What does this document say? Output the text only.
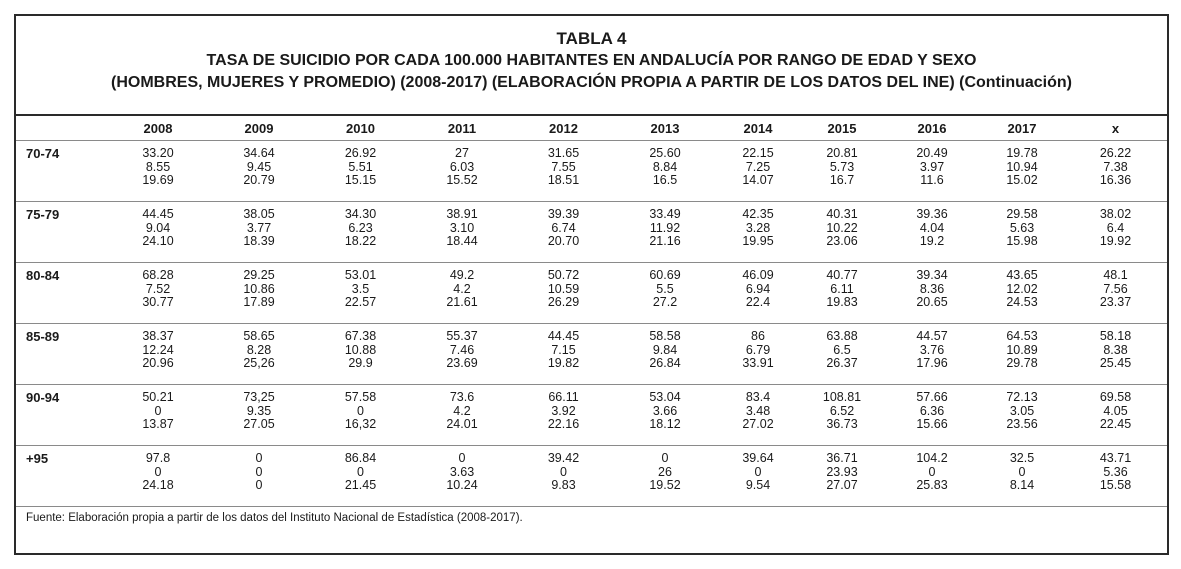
TABLA 4
TASA DE SUICIDIO POR CADA 100.000 HABITANTES EN ANDALUCÍA POR RANGO DE EDAD Y SEXO
(HOMBRES, MUJERES Y PROMEDIO) (2008-2017) (ELABORACIÓN PROPIA A PARTIR DE LOS DATOS DEL INE) (Continuación)
	2008	2009	2010	2011	2012	2013	2014	2015	2016	2017	x
70-74	33.20
8.55
19.69	34.64
9.45
20.79	26.92
5.51
15.15	27
6.03
15.52	31.65
7.55
18.51	25.60
8.84
16.5	22.15
7.25
14.07	20.81
5.73
16.7	20.49
3.97
11.6	19.78
10.94
15.02	26.22
7.38
16.36

75-79	44.45
9.04
24.10	38.05
3.77
18.39	34.30
6.23
18.22	38.91
3.10
18.44	39.39
6.74
20.70	33.49
11.92
21.16	42.35
3.28
19.95	40.31
10.22
23.06	39.36
4.04
19.2	29.58
5.63
15.98	38.02
6.4
19.92

80-84	68.28
7.52
30.77	29.25
10.86
17.89	53.01
3.5
22.57	49.2
4.2
21.61	50.72
10.59
26.29	60.69
5.5
27.2	46.09
6.94
22.4	40.77
6.11
19.83	39.34
8.36
20.65	43.65
12.02
24.53	48.1
7.56
23.37

85-89	38.37
12.24
20.96	58.65
8.28
25,26	67.38
10.88
29.9	55.37
7.46
23.69	44.45
7.15
19.82	58.58
9.84
26.84	86
6.79
33.91	63.88
6.5
26.37	44.57
3.76
17.96	64.53
10.89
29.78	58.18
8.38
25.45

90-94	50.21
0
13.87	73,25
9.35
27.05	57.58
0
16,32	73.6
4.2
24.01	66.11
3.92
22.16	53.04
3.66
18.12	83.4
3.48
27.02	108.81
6.52
36.73	57.66
6.36
15.66	72.13
3.05
23.56	69.58
4.05
22.45

+95	97.8
0
24.18	0
0
0	86.84
0
21.45	0
3.63
10.24	39.42
0
9.83	0
26
19.52	39.64
0
9.54	36.71
23.93
27.07	104.2
0
25.83	32.5
0
8.14	43.71
5.36
15.58
Fuente: Elaboración propia a partir de los datos del Instituto Nacional de Estadística (2008-2017).
